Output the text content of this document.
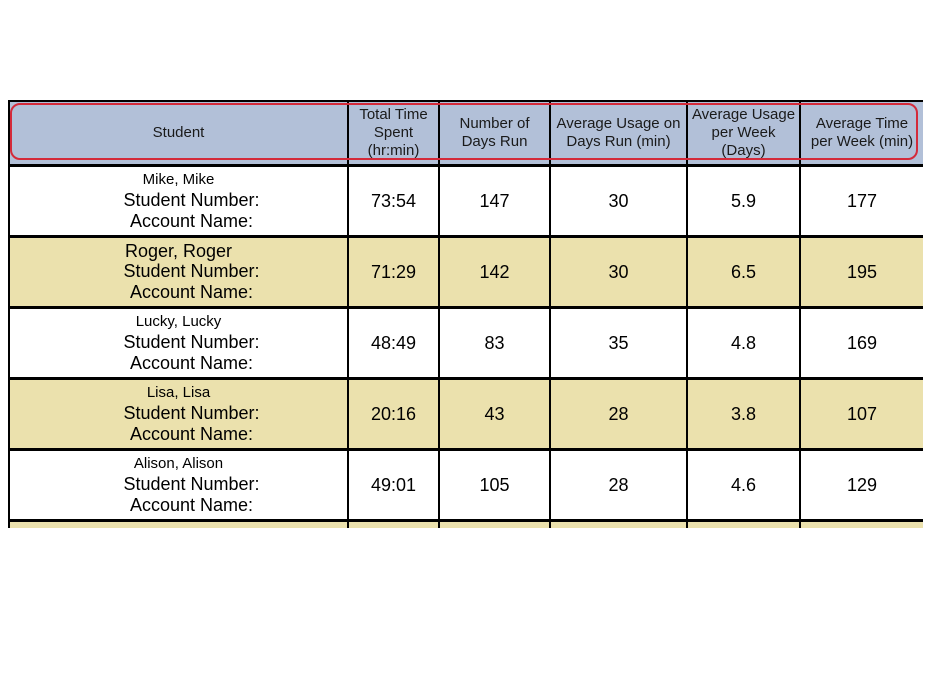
Student	Total Time Spent (hr:min)	Number of Days Run	Average Usage on Days Run (min)	Average Usage per Week (Days)	Average Time per Week (min)

Mike, Mike
Student Number:
Account Name:	73:54	147	30	5.9	177

Roger, Roger
Student Number:
Account Name:	71:29	142	30	6.5	195

Lucky, Lucky
Student Number:
Account Name:	48:49	83	35	4.8	169

Lisa, Lisa
Student Number:
Account Name:	20:16	43	28	3.8	107

Alison, Alison
Student Number:
Account Name:	49:01	105	28	4.6	129
